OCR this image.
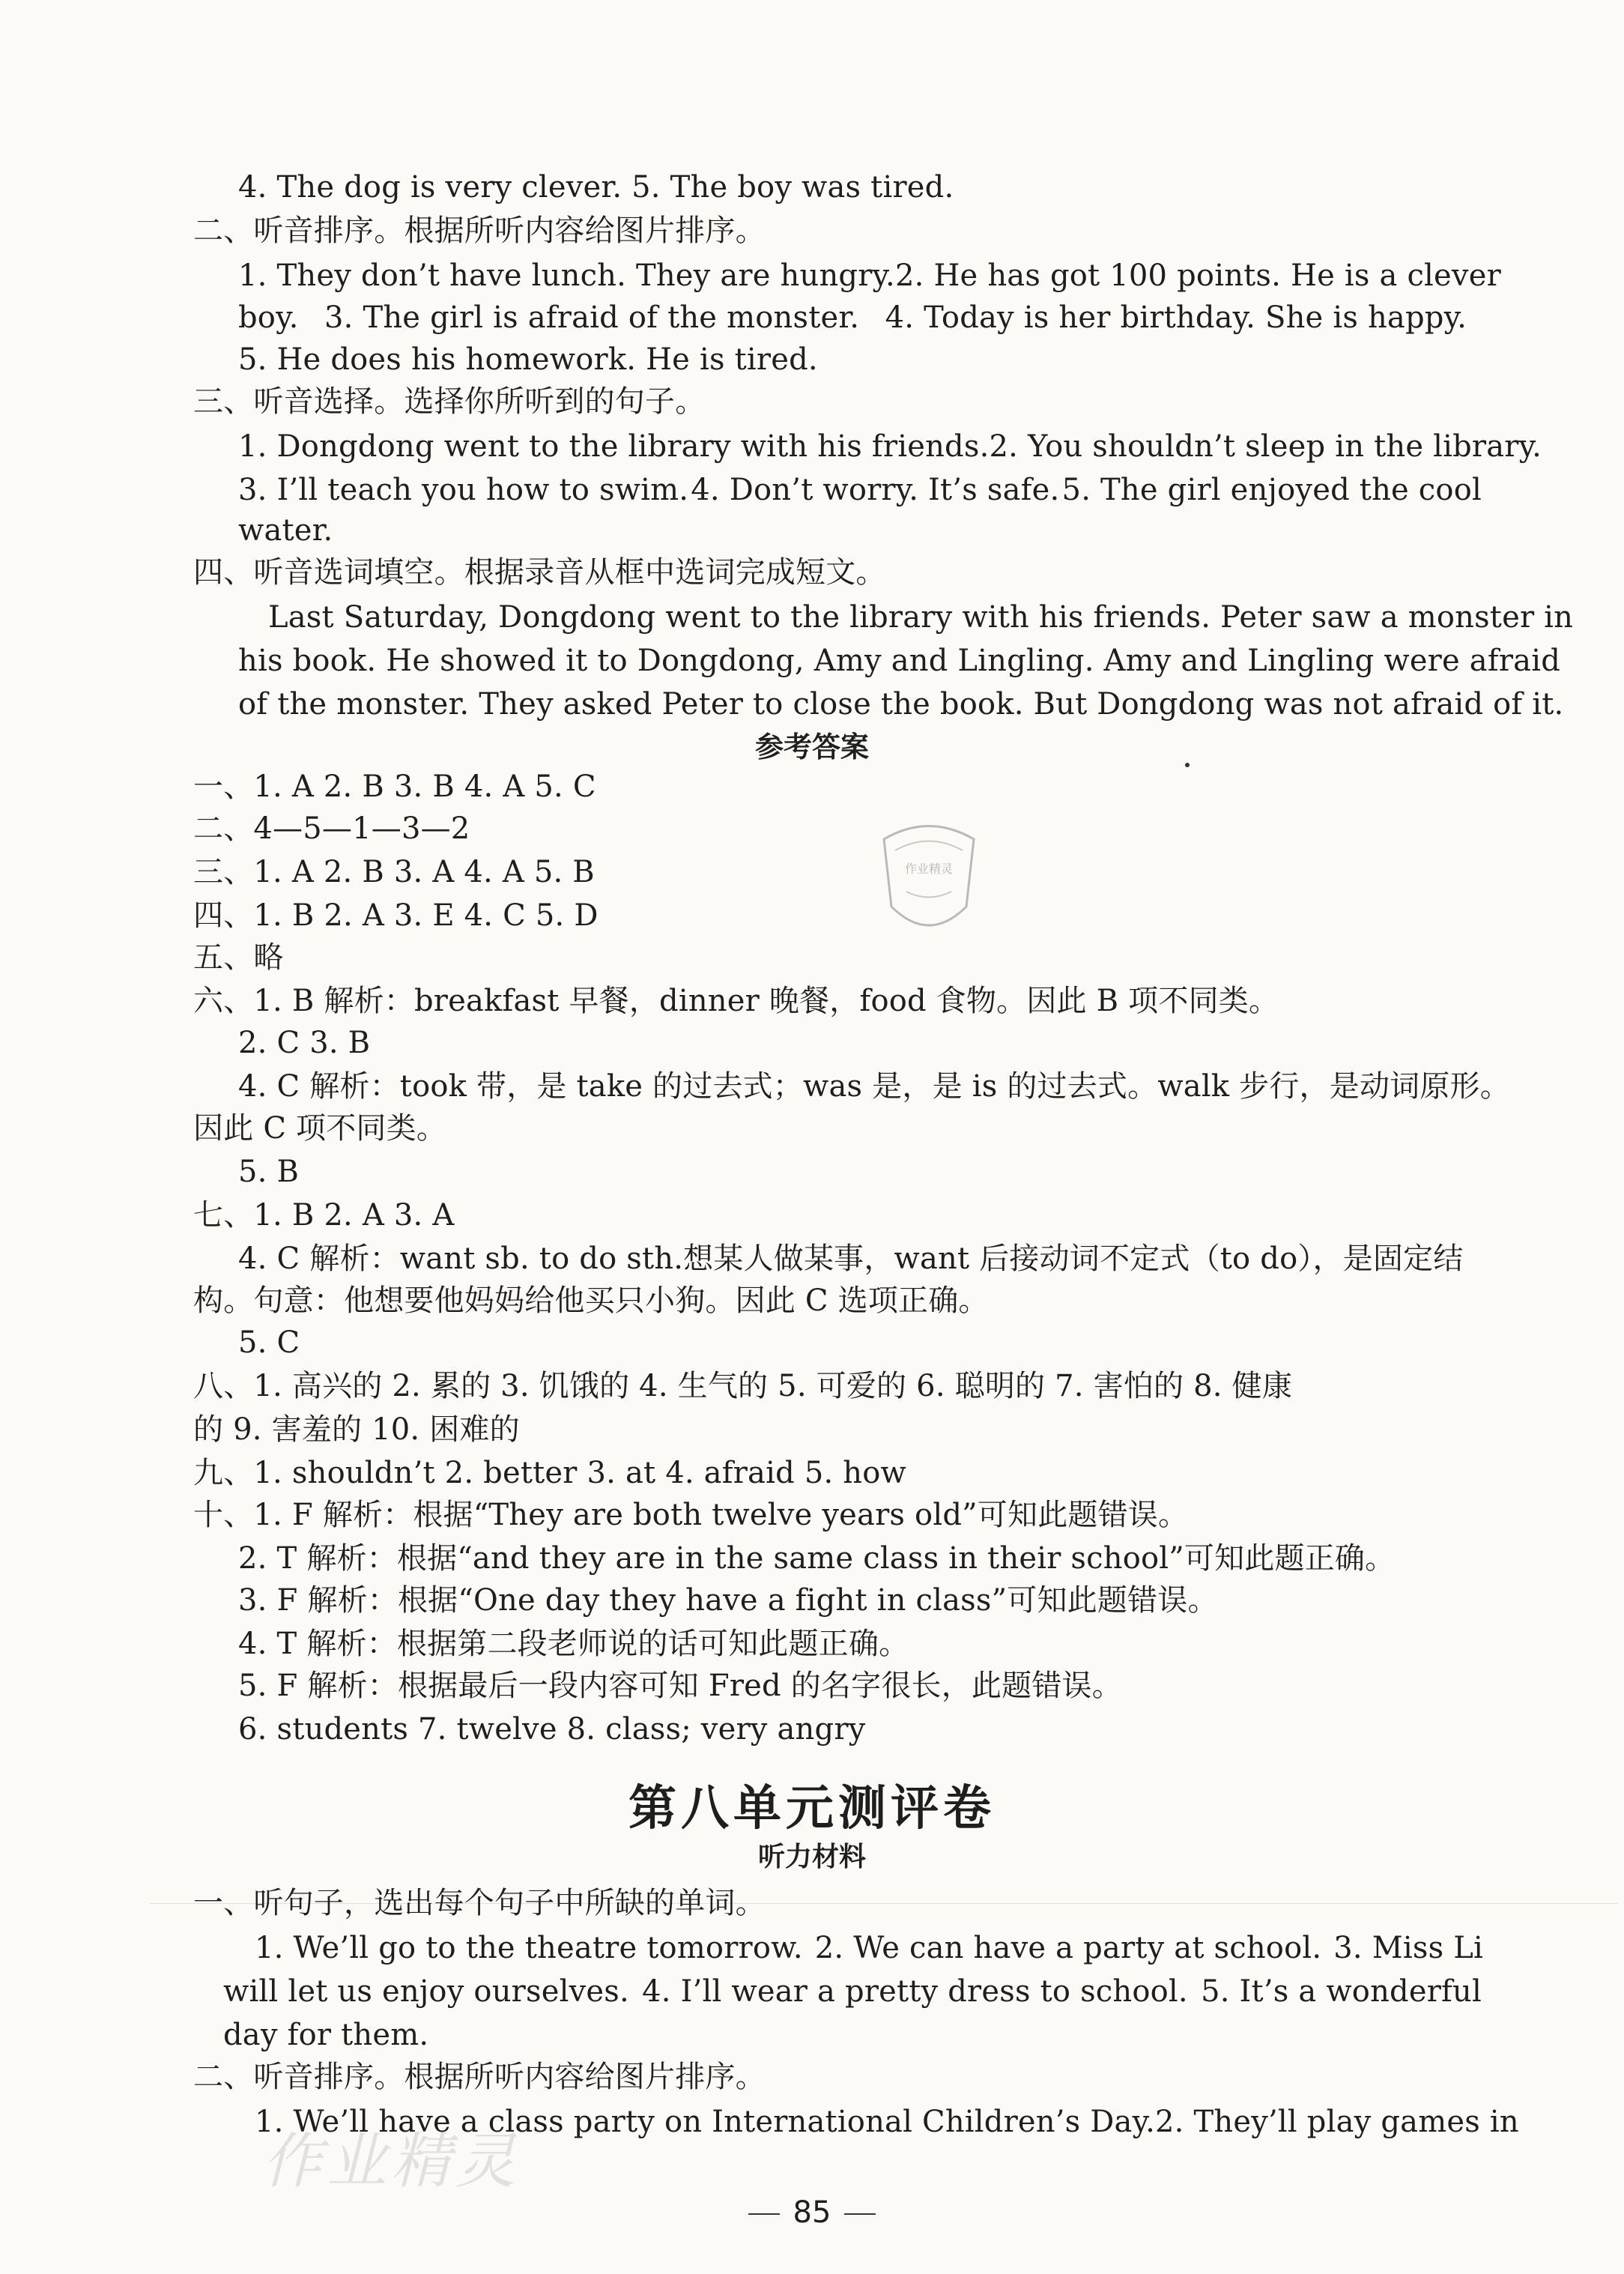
4. The dog is very clever. 5. The boy was tired.
二、听音排序。根据所听内容给图片排序。
1. They don’t have lunch. They are hungry. 2. He has got 100 points. He is a clever
boy. 3. The girl is afraid of the monster. 4. Today is her birthday. She is happy.
5. He does his homework. He is tired.
三、听音选择。选择你所听到的句子。
1. Dongdong went to the library with his friends. 2. You shouldn’t sleep in the library.
3. I’ll teach you how to swim. 4. Don’t worry. It’s safe. 5. The girl enjoyed the cool
water.
四、听音选词填空。根据录音从框中选词完成短文。
Last Saturday, Dongdong went to the library with his friends. Peter saw a monster in
his book. He showed it to Dongdong, Amy and Lingling. Amy and Lingling were afraid
of the monster. They asked Peter to close the book. But Dongdong was not afraid of it.
参考答案
一、1. A 2. B 3. B 4. A 5. C
二、4—5—1—3—2
三、1. A 2. B 3. A 4. A 5. B
四、1. B 2. A 3. E 4. C 5. D
五、略
六、1. B 解析：breakfast 早餐，dinner 晚餐，food 食物。因此 B 项不同类。
2. C 3. B
4. C 解析：took 带，是 take 的过去式；was 是，是 is 的过去式。walk 步行，是动词原形。
因此 C 项不同类。
5. B
七、1. B 2. A 3. A
4. C 解析：want sb. to do sth.想某人做某事，want 后接动词不定式（to do），是固定结
构。句意：他想要他妈妈给他买只小狗。因此 C 选项正确。
5. C
八、1. 高兴的 2. 累的 3. 饥饿的 4. 生气的 5. 可爱的 6. 聪明的 7. 害怕的 8. 健康
的 9. 害羞的 10. 困难的
九、1. shouldn’t 2. better 3. at 4. afraid 5. how
十、1. F 解析：根据“They are both twelve years old”可知此题错误。
2. T 解析：根据“and they are in the same class in their school”可知此题正确。
3. F 解析：根据“One day they have a fight in class”可知此题错误。
4. T 解析：根据第二段老师说的话可知此题正确。
5. F 解析：根据最后一段内容可知 Fred 的名字很长，此题错误。
6. students 7. twelve 8. class; very angry
第八单元测评卷
听力材料
一、听句子，选出每个句子中所缺的单词。
1. We’ll go to the theatre tomorrow. 2. We can have a party at school. 3. Miss Li
will let us enjoy ourselves. 4. I’ll wear a pretty dress to school. 5. It’s a wonderful
day for them.
二、听音排序。根据所听内容给图片排序。
1. We’ll have a class party on International Children’s Day. 2. They’ll play games in
85
作业精灵
作业精灵
